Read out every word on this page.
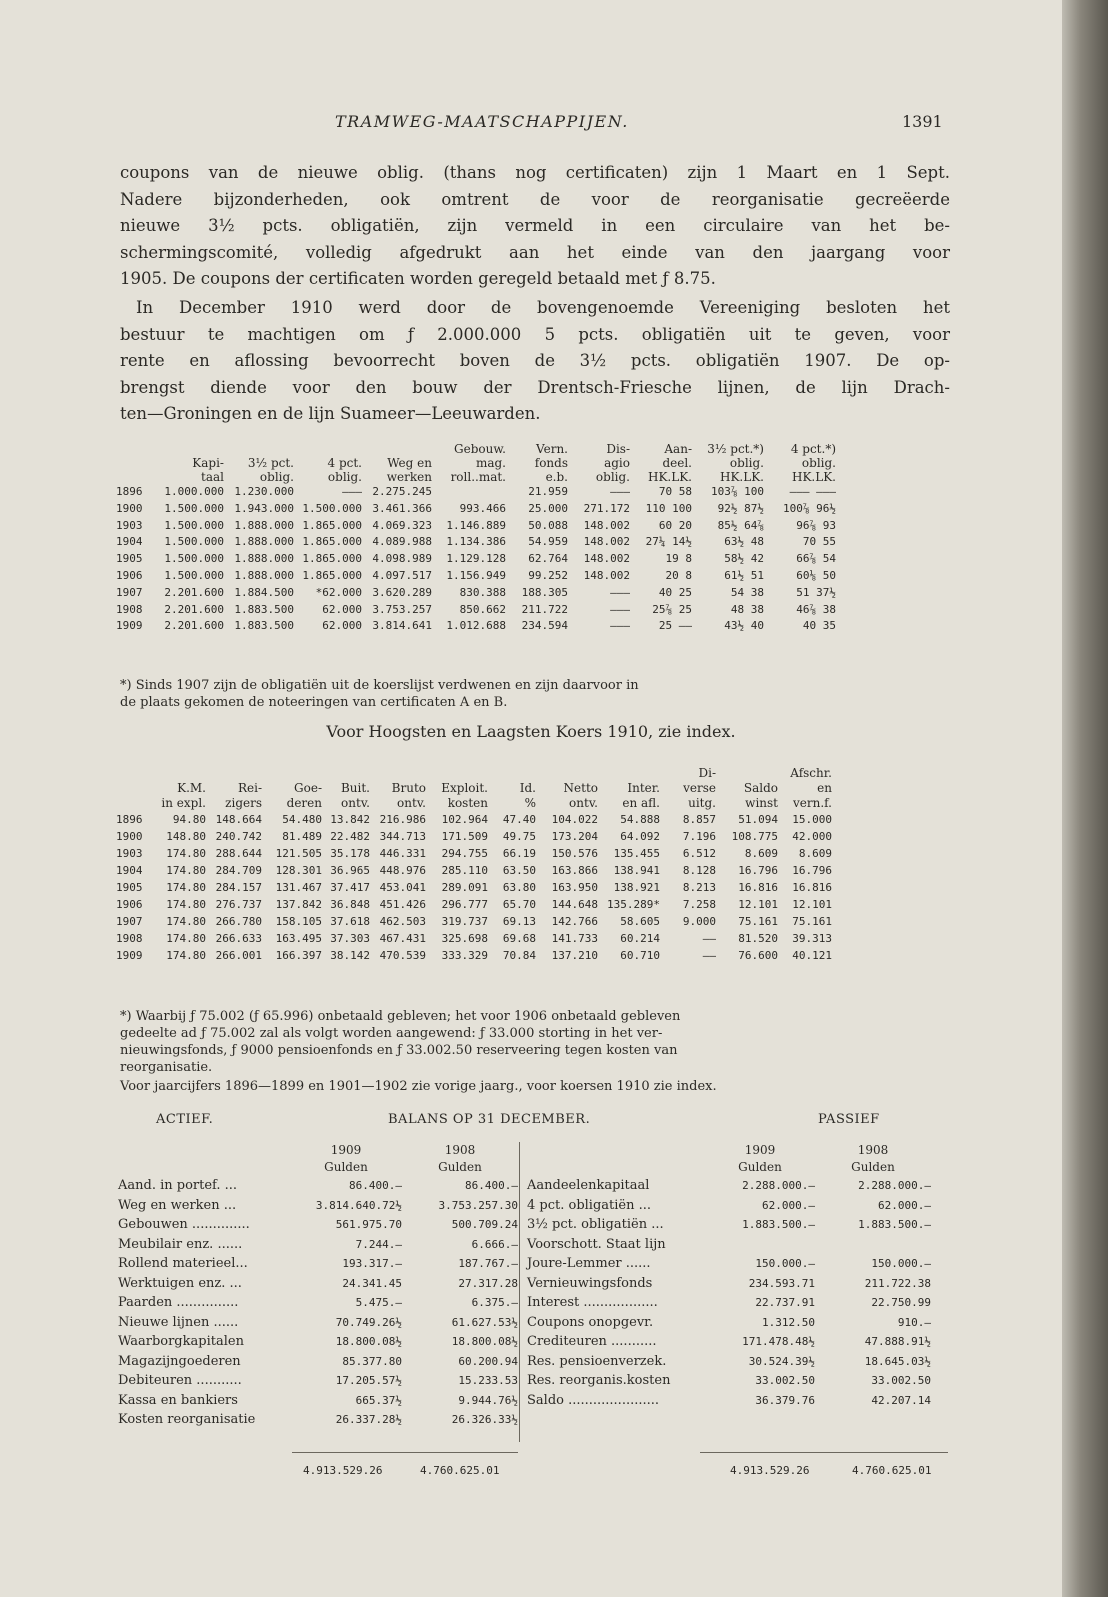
TRAMWEG-MAATSCHAPPIJEN.	1391
coupons van de nieuwe oblig. (thans nog certificaten) zijn 1 Maart en 1 Sept.
Nadere bijzonderheden, ook omtrent de voor de reorganisatie gecreëerde
nieuwe 3½ pcts. obligatiën, zijn vermeld in een circulaire van het be-
schermingscomité, volledig afgedrukt aan het einde van den jaargang voor
1905. De coupons der certificaten worden geregeld betaald met ƒ 8.75.
In December 1910 werd door de bovengenoemde Vereeniging besloten het
bestuur te machtigen om ƒ 2.000.000 5 pcts. obligatiën uit te geven, voor
rente en aflossing bevoorrecht boven de 3½ pcts. obligatiën 1907. De op-
brengst diende voor den bouw der Drentsch-Friesche lijnen, de lijn Drach-
ten—Groningen en de lijn Suameer—Leeuwarden.
					Gebouw.	Vern.	Dis-	Aan-	3½ pct.*)	4 pct.*)
	Kapi-	3½ pct.	4 pct.	Weg en	mag.	fonds	agio	deel.	oblig.	oblig.
	taal	oblig.	oblig.	werken	roll..mat.	e.b.	oblig.	HK.LK.	HK.LK.	HK.LK.
1896	1.000.000	1.230.000	———	2.275.245		21.959	———	70 58	103⅞ 100	——— ———
1900	1.500.000	1.943.000	1.500.000	3.461.366	993.466	25.000	271.172	110 100	92½ 87½	100⅞ 96½
1903	1.500.000	1.888.000	1.865.000	4.069.323	1.146.889	50.088	148.002	60 20	85½ 64⅞	96⅞ 93
1904	1.500.000	1.888.000	1.865.000	4.089.988	1.134.386	54.959	148.002	27¼ 14½	63½ 48	70 55
1905	1.500.000	1.888.000	1.865.000	4.098.989	1.129.128	62.764	148.002	19 8	58½ 42	66⅞ 54
1906	1.500.000	1.888.000	1.865.000	4.097.517	1.156.949	99.252	148.002	20 8	61½ 51	60⅛ 50
1907	2.201.600	1.884.500	*62.000	3.620.289	830.388	188.305	———	40 25	54 38	51 37½
1908	2.201.600	1.883.500	62.000	3.753.257	850.662	211.722	———	25⅞ 25	48 38	46⅞ 38
1909	2.201.600	1.883.500	62.000	3.814.641	1.012.688	234.594	———	25 ——	43½ 40	40 35
*) Sinds 1907 zijn de obligatiën uit de koerslijst verdwenen en zijn daarvoor in
de plaats gekomen de noteeringen van certificaten A en B.
Voor Hoogsten en Laagsten Koers 1910, zie index.
										Di-		Afschr.
	K.M.	Rei-	Goe-	Buit.	Bruto	Exploit.	Id.	Netto	Inter.	verse	Saldo	en
	in expl.	zigers	deren	ontv.	ontv.	kosten	%	ontv.	en afl.	uitg.	winst	vern.f.
1896	94.80	148.664	54.480	13.842	216.986	102.964	47.40	104.022	54.888	8.857	51.094	15.000
1900	148.80	240.742	81.489	22.482	344.713	171.509	49.75	173.204	64.092	7.196	108.775	42.000
1903	174.80	288.644	121.505	35.178	446.331	294.755	66.19	150.576	135.455	6.512	8.609	8.609
1904	174.80	284.709	128.301	36.965	448.976	285.110	63.50	163.866	138.941	8.128	16.796	16.796
1905	174.80	284.157	131.467	37.417	453.041	289.091	63.80	163.950	138.921	8.213	16.816	16.816
1906	174.80	276.737	137.842	36.848	451.426	296.777	65.70	144.648	135.289*	7.258	12.101	12.101
1907	174.80	266.780	158.105	37.618	462.503	319.737	69.13	142.766	58.605	9.000	75.161	75.161
1908	174.80	266.633	163.495	37.303	467.431	325.698	69.68	141.733	60.214	——	81.520	39.313
1909	174.80	266.001	166.397	38.142	470.539	333.329	70.84	137.210	60.710	——	76.600	40.121
*) Waarbij ƒ 75.002 (ƒ 65.996) onbetaald gebleven; het voor 1906 onbetaald gebleven
gedeelte ad ƒ 75.002 zal als volgt worden aangewend: ƒ 33.000 storting in het ver-
nieuwingsfonds, ƒ 9000 pensioenfonds en ƒ 33.002.50 reserveering tegen kosten van
reorganisatie.
Voor jaarcijfers 1896—1899 en 1901—1902 zie vorige jaarg., voor koersen 1910 zie index.
ACTIEF.	BALANS OP 31 DECEMBER.	PASSIEF
	1909	1908
	Gulden	Gulden
Aand. in portef. ...	86.400.—	86.400.—
Weg en werken ...	3.814.640.72½	3.753.257.30
Gebouwen ..............	561.975.70	500.709.24
Meubilair enz. ......	7.244.—	6.666.—
Rollend materieel...	193.317.—	187.767.—
Werktuigen enz. ...	24.341.45	27.317.28
Paarden ...............	5.475.—	6.375.—
Nieuwe lijnen ......	70.749.26½	61.627.53½
Waarborgkapitalen	18.800.08½	18.800.08½
Magazijngoederen	85.377.80	60.200.94
Debiteuren ...........	17.205.57½	15.233.53
Kassa en bankiers	665.37½	9.944.76½
Kosten reorganisatie	26.337.28½	26.326.33½
	1909	1908
	Gulden	Gulden
Aandeelenkapitaal	2.288.000.—	2.288.000.—
4 pct. obligatiën ...	62.000.—	62.000.—
3½ pct. obligatiën ...	1.883.500.—	1.883.500.—
Voorschott. Staat lijn		
Joure-Lemmer ......	150.000.—	150.000.—
Vernieuwingsfonds	234.593.71	211.722.38
Interest ..................	22.737.91	22.750.99
Coupons onopgevr.	1.312.50	910.—
Crediteuren ...........	171.478.48½	47.888.91½
Res. pensioenverzek.	30.524.39½	18.645.03½
Res. reorganis.kosten	33.002.50	33.002.50
Saldo ......................	36.379.76	42.207.14
4.913.529.26	4.760.625.01	4.913.529.26	4.760.625.01
